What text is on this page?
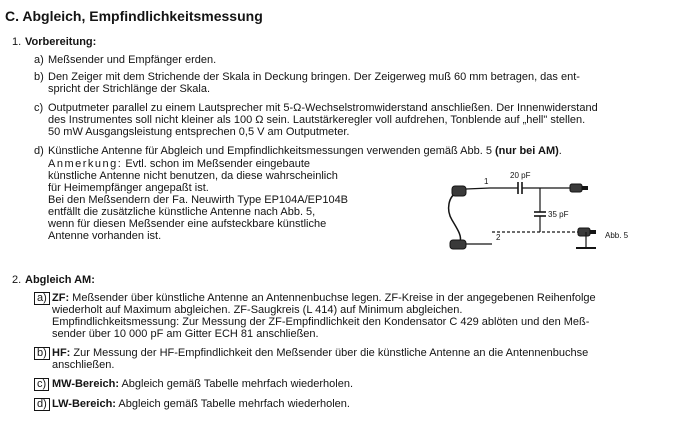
C. Abgleich, Empfindlichkeitsmessung
1. Vorbereitung:
a) Meßsender und Empfänger erden.

b) Den Zeiger mit dem Strichende der Skala in Deckung bringen. Der Zeigerweg muß 60 mm betragen, das ent-

spricht der Strichlänge der Skala.

c) Outputmeter parallel zu einem Lautsprecher mit 5-Ω-Wechselstromwiderstand anschließen. Der Innenwiderstand

des Instrumentes soll nicht kleiner als 100 Ω sein. Lautstärkeregler voll aufdrehen, Tonblende auf „hell" stellen.

50 mW Ausgangsleistung entsprechen 0,5 V am Outputmeter.

d) Künstliche Antenne für Abgleich und Empfindlichkeitsmessungen verwenden gemäß Abb. 5 (nur bei AM).

Anmerkung: Evtl. schon im Meßsender eingebaute

künstliche Antenne nicht benutzen, da diese wahrscheinlich

für Heimempfänger angepaßt ist.

Bei den Meßsendern der Fa. Neuwirth Type EP104A/EP104B

entfällt die zusätzliche künstliche Antenne nach Abb. 5,

wenn für diesen Meßsender eine aufsteckbare künstliche

Antenne vorhanden ist.

1
2
20 pF
35 pF
Abb. 5
2. Abgleich AM:
a) ZF: Meßsender über künstliche Antenne an Antennenbuchse legen. ZF-Kreise in der angegebenen Reihenfolge

wiederholt auf Maximum abgleichen. ZF-Saugkreis (L 414) auf Minimum abgleichen.

Empfindlichkeitsmessung: Zur Messung der ZF-Empfindlichkeit den Kondensator C 429 ablöten und den Meß-

sender über 10 000 pF am Gitter ECH 81 anschließen.

b) HF: Zur Messung der HF-Empfindlichkeit den Meßsender über die künstliche Antenne an die Antennenbuchse

anschließen.

c) MW-Bereich: Abgleich gemäß Tabelle mehrfach wiederholen.

d) LW-Bereich: Abgleich gemäß Tabelle mehrfach wiederholen.
